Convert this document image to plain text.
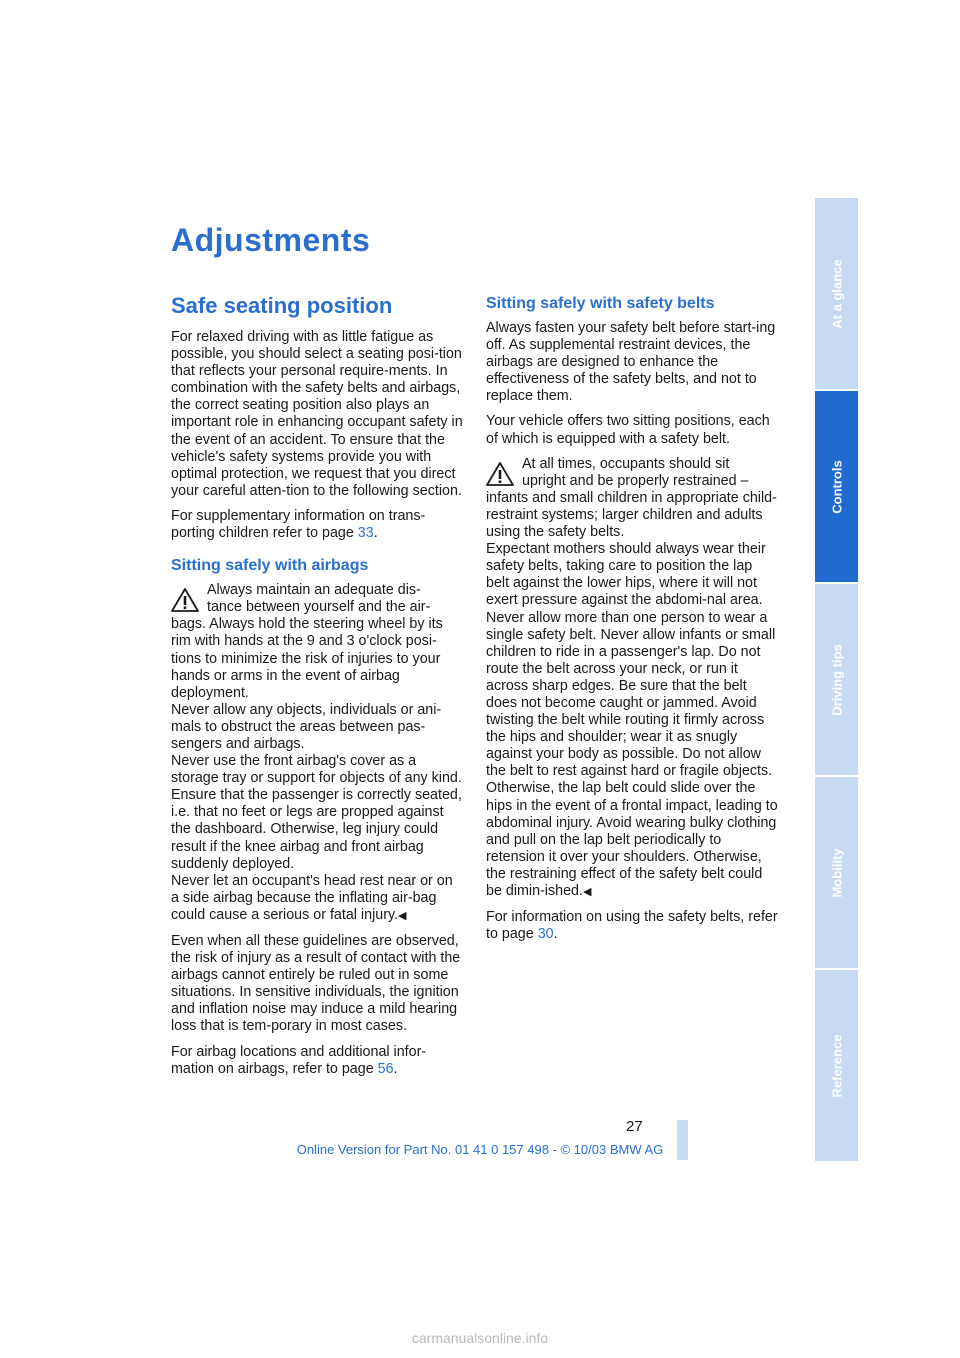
Adjustments
Safe seating position

For relaxed driving with as little fatigue as possible, you should select a seating posi-tion that reflects your personal require-ments. In combination with the safety belts and airbags, the correct seating position also plays an important role in enhancing occupant safety in the event of an accident. To ensure that the vehicle's safety systems provide you with optimal protection, we request that you direct your careful atten-tion to the following section.

For supplementary information on trans-porting children refer to page 33.

Sitting safely with airbags
Always maintain an adequate dis-
tance between yourself and the air-
bags. Always hold the steering wheel by its rim with hands at the 9 and 3 o'clock posi-tions to minimize the risk of injuries to your hands or arms in the event of airbag deployment.
Never allow any objects, individuals or ani-mals to obstruct the areas between pas-sengers and airbags.
Never use the front airbag's cover as a storage tray or support for objects of any kind. Ensure that the passenger is correctly seated, i.e. that no feet or legs are propped against the dashboard. Otherwise, leg injury could result if the knee airbag and front airbag suddenly deployed.
Never let an occupant's head rest near or on a side airbag because the inflating air-bag could cause a serious or fatal injury.◀

Even when all these guidelines are observed, the risk of injury as a result of contact with the airbags cannot entirely be ruled out in some situations. In sensitive individuals, the ignition and inflation noise may induce a mild hearing loss that is tem-porary in most cases.

For airbag locations and additional infor-mation on airbags, refer to page 56.

Sitting safely with safety belts

Always fasten your safety belt before start-ing off. As supplemental restraint devices, the airbags are designed to enhance the effectiveness of the safety belts, and not to replace them.

Your vehicle offers two sitting positions, each of which is equipped with a safety belt.

At all times, occupants should sit
upright and be properly restrained –
infants and small children in appropriate child-restraint systems; larger children and adults using the safety belts.
Expectant mothers should always wear their safety belts, taking care to position the lap belt against the lower hips, where it will not exert pressure against the abdomi-nal area.
Never allow more than one person to wear a single safety belt. Never allow infants or small children to ride in a passenger's lap. Do not route the belt across your neck, or run it across sharp edges. Be sure that the belt does not become caught or jammed. Avoid twisting the belt while routing it firmly across the hips and shoulder; wear it as snugly against your body as possible. Do not allow the belt to rest against hard or fragile objects. Otherwise, the lap belt could slide over the hips in the event of a frontal impact, leading to abdominal injury. Avoid wearing bulky clothing and pull on the lap belt periodically to retension it over your shoulders. Otherwise, the restraining effect of the safety belt could be dimin-ished.◀

For information on using the safety belts, refer to page 30.

At a glance
Controls
Driving tips
Mobility
Reference
27
Online Version for Part No. 01 41 0 157 498 - © 10/03 BMW AG
carmanualsonline.info
